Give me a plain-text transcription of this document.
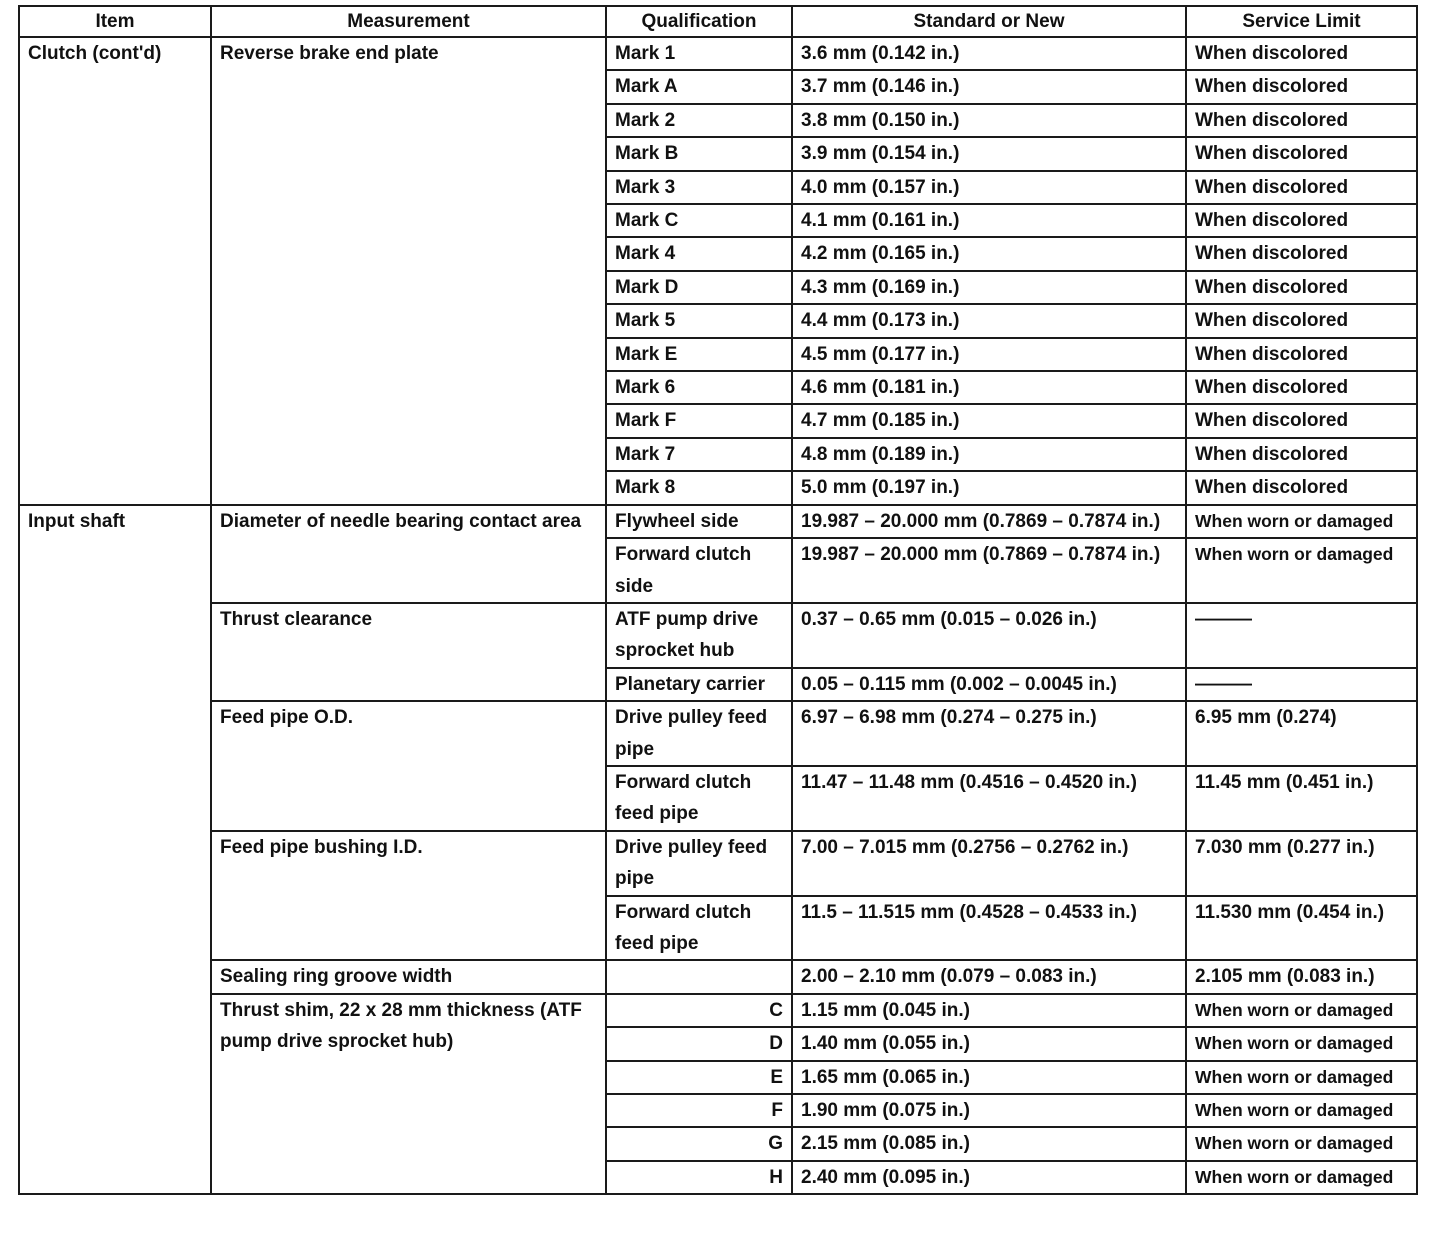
Item	Measurement	Qualification	Standard or New	Service Limit
Clutch (cont'd)	Reverse brake end plate	Mark 1	3.6 mm (0.142 in.)	When discolored
		Mark A	3.7 mm (0.146 in.)	When discolored
		Mark 2	3.8 mm (0.150 in.)	When discolored
		Mark B	3.9 mm (0.154 in.)	When discolored
		Mark 3	4.0 mm (0.157 in.)	When discolored
		Mark C	4.1 mm (0.161 in.)	When discolored
		Mark 4	4.2 mm (0.165 in.)	When discolored
		Mark D	4.3 mm (0.169 in.)	When discolored
		Mark 5	4.4 mm (0.173 in.)	When discolored
		Mark E	4.5 mm (0.177 in.)	When discolored
		Mark 6	4.6 mm (0.181 in.)	When discolored
		Mark F	4.7 mm (0.185 in.)	When discolored
		Mark 7	4.8 mm (0.189 in.)	When discolored
		Mark 8	5.0 mm (0.197 in.)	When discolored
Input shaft	Diameter of needle bearing contact area	Flywheel side	19.987 – 20.000 mm (0.7869 – 0.7874 in.)	When worn or damaged
		Forward clutch side	19.987 – 20.000 mm (0.7869 – 0.7874 in.)	When worn or damaged
	Thrust clearance	ATF pump drive sprocket hub	0.37 – 0.65 mm (0.015 – 0.026 in.)	———
		Planetary carrier	0.05 – 0.115 mm (0.002 – 0.0045 in.)	———
	Feed pipe O.D.	Drive pulley feed pipe	6.97 – 6.98 mm (0.274 – 0.275 in.)	6.95 mm (0.274)
		Forward clutch feed pipe	11.47 – 11.48 mm (0.4516 – 0.4520 in.)	11.45 mm (0.451 in.)
	Feed pipe bushing I.D.	Drive pulley feed pipe	7.00 – 7.015 mm (0.2756 – 0.2762 in.)	7.030 mm (0.277 in.)
		Forward clutch feed pipe	11.5 – 11.515 mm (0.4528 – 0.4533 in.)	11.530 mm (0.454 in.)
	Sealing ring groove width		2.00 – 2.10 mm (0.079 – 0.083 in.)	2.105 mm (0.083 in.)
	Thrust shim, 22 x 28 mm thickness (ATF pump drive sprocket hub)	C	1.15 mm (0.045 in.)	When worn or damaged
		D	1.40 mm (0.055 in.)	When worn or damaged
		E	1.65 mm (0.065 in.)	When worn or damaged
		F	1.90 mm (0.075 in.)	When worn or damaged
		G	2.15 mm (0.085 in.)	When worn or damaged
		H	2.40 mm (0.095 in.)	When worn or damaged
